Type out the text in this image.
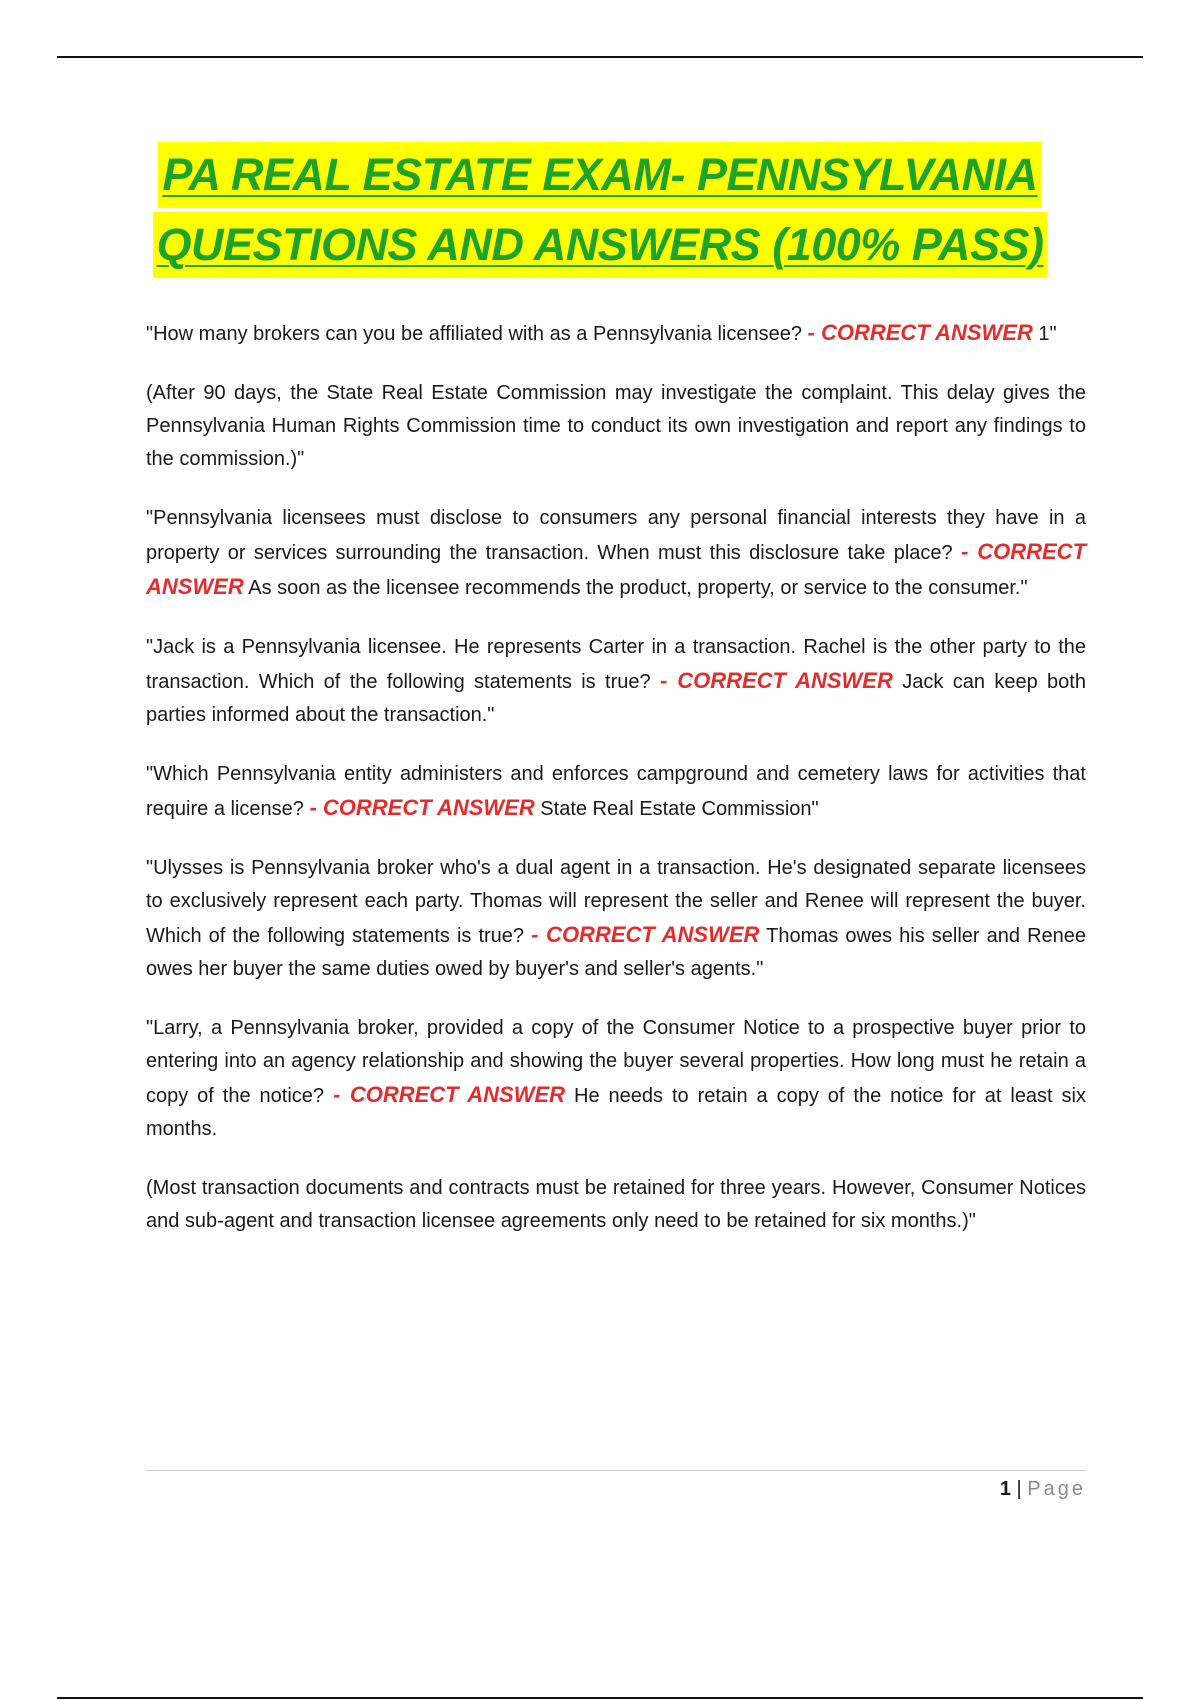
PA REAL ESTATE EXAM- PENNSYLVANIA
QUESTIONS AND ANSWERS (100% PASS)

"How many brokers can you be affiliated with as a Pennsylvania licensee? - CORRECT ANSWER 1"

(After 90 days, the State Real Estate Commission may investigate the complaint. This delay gives the Pennsylvania Human Rights Commission time to conduct its own investigation and report any findings to the commission.)"

"Pennsylvania licensees must disclose to consumers any personal financial interests they have in a property or services surrounding the transaction. When must this disclosure take place? - CORRECT ANSWER As soon as the licensee recommends the product, property, or service to the consumer."

"Jack is a Pennsylvania licensee. He represents Carter in a transaction. Rachel is the other party to the transaction. Which of the following statements is true? - CORRECT ANSWER Jack can keep both parties informed about the transaction."

"Which Pennsylvania entity administers and enforces campground and cemetery laws for activities that require a license? - CORRECT ANSWER State Real Estate Commission"

"Ulysses is Pennsylvania broker who's a dual agent in a transaction. He's designated separate licensees to exclusively represent each party. Thomas will represent the seller and Renee will represent the buyer. Which of the following statements is true? - CORRECT ANSWER Thomas owes his seller and Renee owes her buyer the same duties owed by buyer's and seller's agents."

"Larry, a Pennsylvania broker, provided a copy of the Consumer Notice to a prospective buyer prior to entering into an agency relationship and showing the buyer several properties. How long must he retain a copy of the notice? - CORRECT ANSWER He needs to retain a copy of the notice for at least six months.

(Most transaction documents and contracts must be retained for three years. However, Consumer Notices and sub-agent and transaction licensee agreements only need to be retained for six months.)"

1 | Page
